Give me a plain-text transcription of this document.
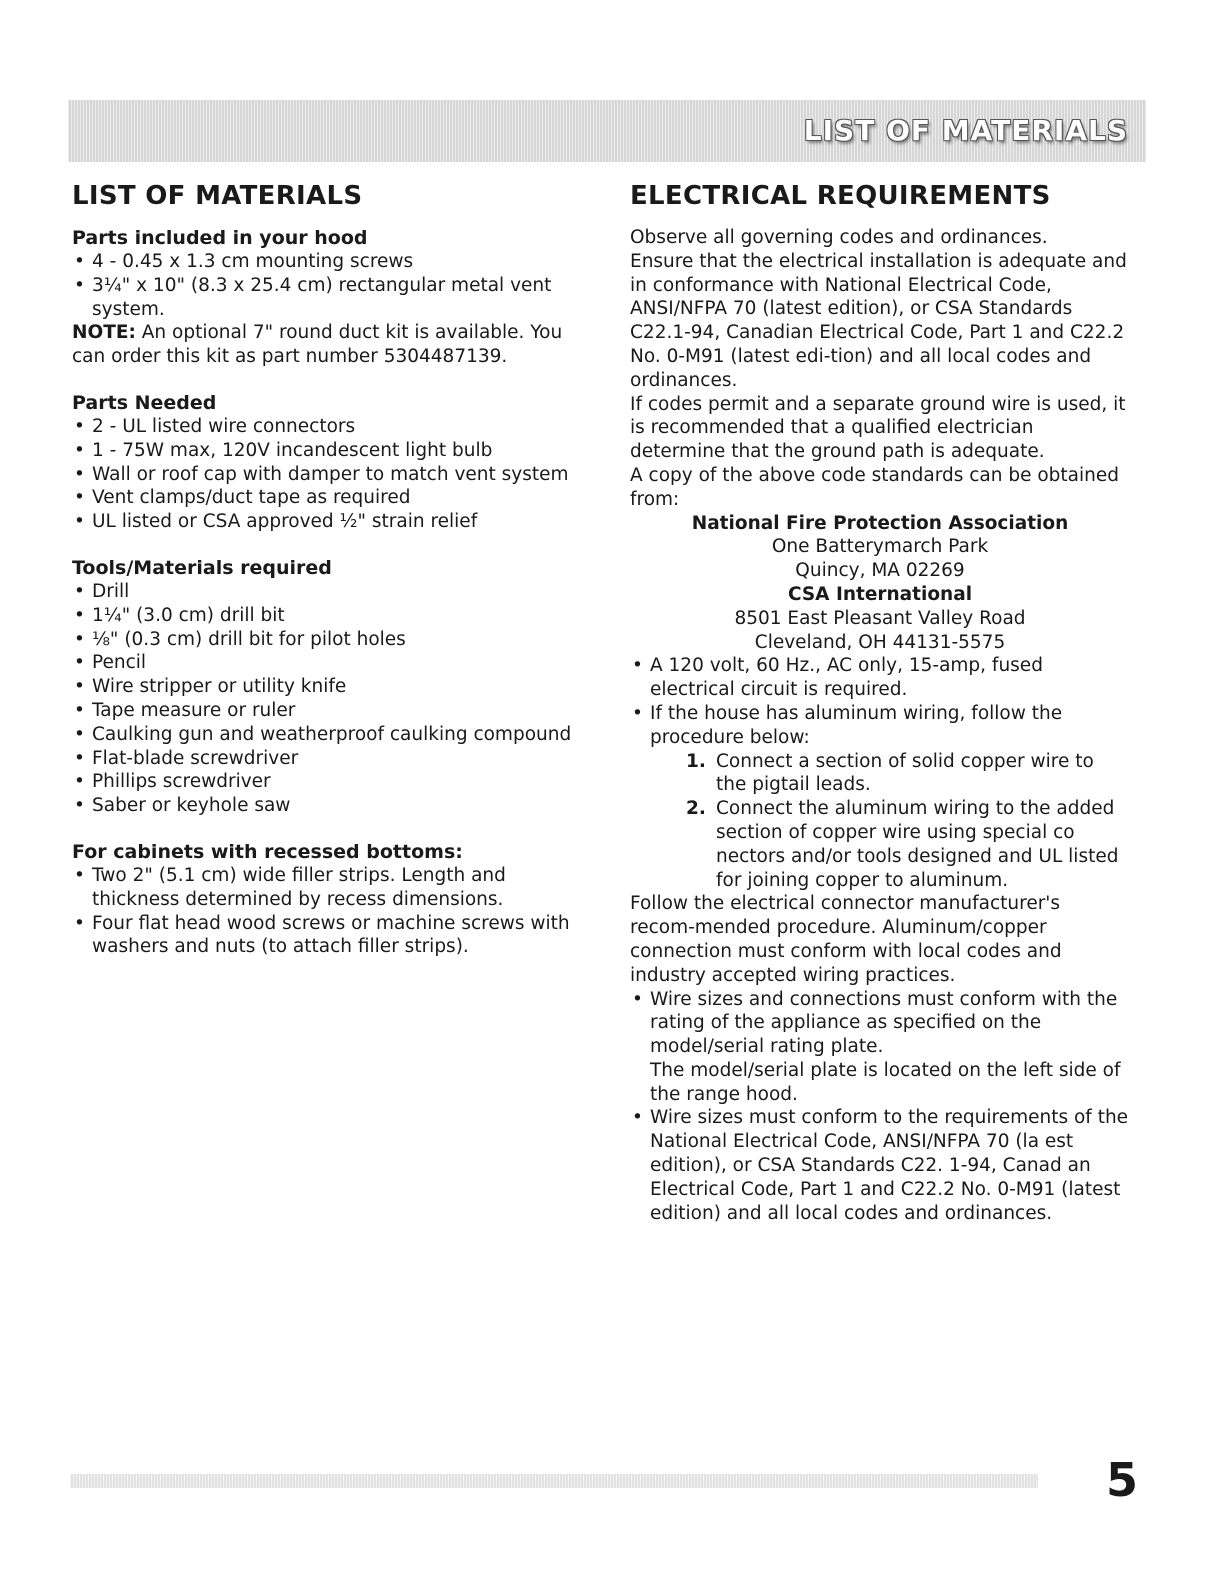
LIST OF MATERIALS
LIST OF MATERIALS
Parts included in your hood
• 4 - 0.45 x 1.3 cm mounting screws
• 3¼" x 10" (8.3 x 25.4 cm) rectangular metal vent system.

NOTE: An optional 7" round duct kit is available. You can order this kit as part number 5304487139.

Parts Needed
• 2 - UL listed wire connectors
• 1 - 75W max, 120V incandescent light bulb
• Wall or roof cap with damper to match vent system
• Vent clamps/duct tape as required
• UL listed or CSA approved ½" strain relief
Tools/Materials required
• Drill
• 1¼" (3.0 cm) drill bit
• ⅛" (0.3 cm) drill bit for pilot holes
• Pencil
• Wire stripper or utility knife
• Tape measure or ruler
• Caulking gun and weatherproof caulking compound
• Flat-blade screwdriver
• Phillips screwdriver
• Saber or keyhole saw
For cabinets with recessed bottoms:
• Two 2" (5.1 cm) wide filler strips. Length and thickness determined by recess dimensions.
• Four flat head wood screws or machine screws with washers and nuts (to attach filler strips).
ELECTRICAL REQUIREMENTS

Observe all governing codes and ordinances.

Ensure that the electrical installation is adequate and in conformance with National Electrical Code, ANSI/NFPA 70 (latest edition), or CSA Standards C22.1-94, Canadian Electrical Code, Part 1 and C22.2 No. 0-M91 (latest edi-tion) and all local codes and ordinances.

If codes permit and a separate ground wire is used, it is recommended that a qualified electrician determine that the ground path is adequate.

A copy of the above code standards can be obtained from:

National Fire Protection Association
One Batterymarch Park
Quincy, MA 02269
CSA International
8501 East Pleasant Valley Road
Cleveland, OH 44131-5575
• A 120 volt, 60 Hz., AC only, 15-amp, fused electrical circuit is required.
• If the house has aluminum wiring, follow the procedure below:
1. Connect a section of solid copper wire to the pigtail leads.
2. Connect the aluminum wiring to the added section of copper wire using special co nectors and/or tools designed and UL listed for joining copper to aluminum.

Follow the electrical connector manufacturer's recom-mended procedure. Aluminum/copper connection must conform with local codes and industry accepted wiring practices.

• Wire sizes and connections must conform with the rating of the appliance as specified on the model/serial rating plate.
The model/serial plate is located on the left side of the range hood.
• Wire sizes must conform to the requirements of the National Electrical Code, ANSI/NFPA 70 (la est edition), or CSA Standards C22. 1-94, Canad an Electrical Code, Part 1 and C22.2 No. 0-M91 (latest edition) and all local codes and ordinances.
5
